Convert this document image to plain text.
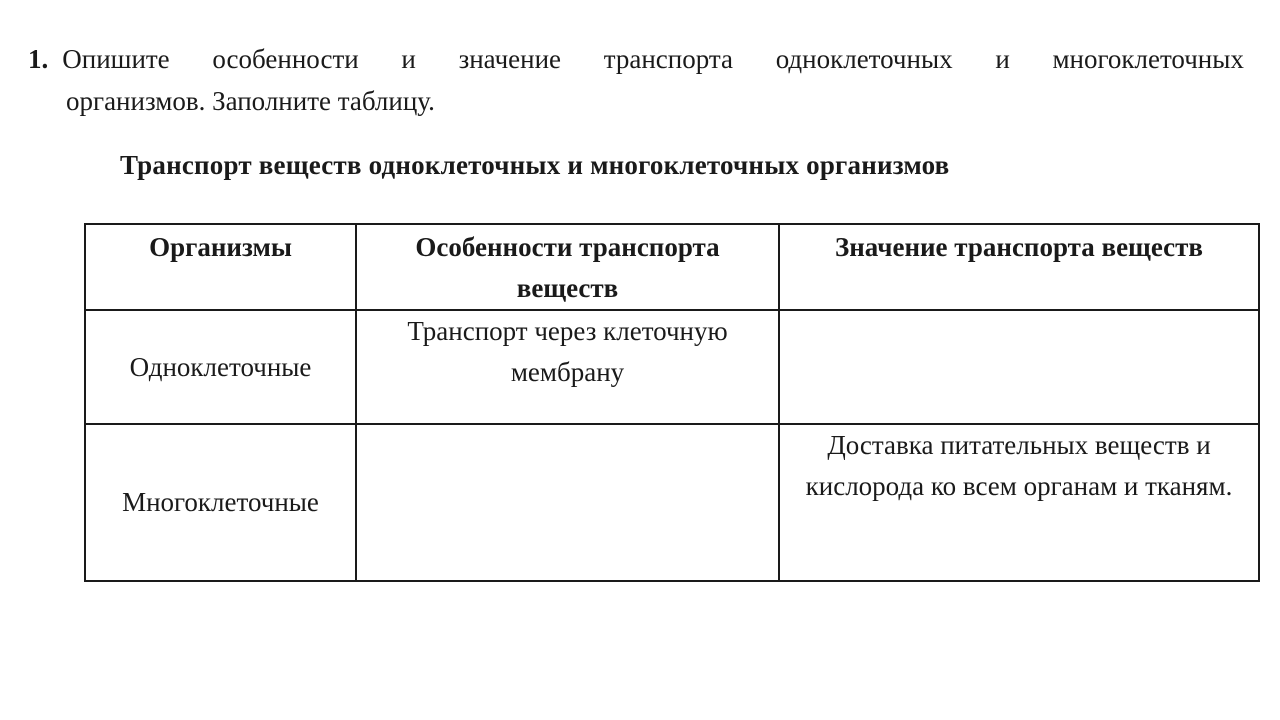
1. Опишите особенности и значение транспорта одноклеточных и многоклеточных
организмов. Заполните таблицу.
Транспорт веществ одноклеточных и многоклеточных организмов
Организмы	Особенности транспорта веществ	Значение транспорта веществ
Одноклеточные	Транспорт через клеточную мембрану	
Многоклеточные		Доставка питательных веществ и кислорода ко всем органам и тканям.
